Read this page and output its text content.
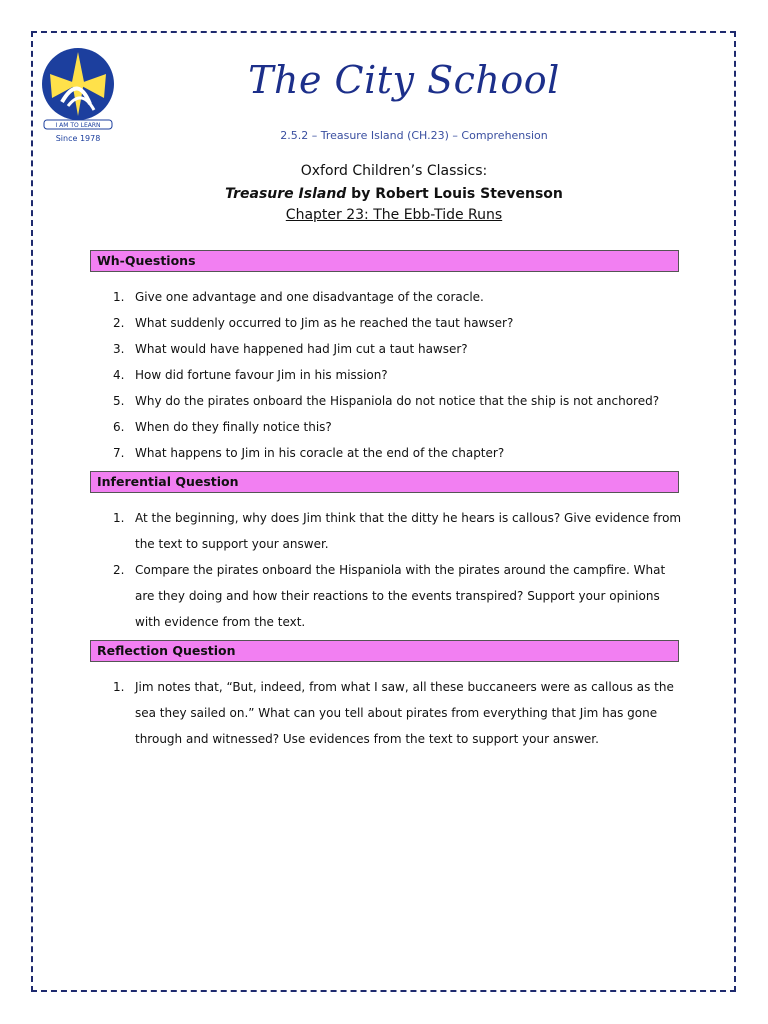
I AM TO LEARN
Since 1978
The City School
2.5.2 – Treasure Island (CH.23) – Comprehension
Oxford Children’s Classics:
Treasure Island by Robert Louis Stevenson
Chapter 23: The Ebb-Tide Runs
Wh-Questions
1. Give one advantage and one disadvantage of the coracle.
2. What suddenly occurred to Jim as he reached the taut hawser?
3. What would have happened had Jim cut a taut hawser?
4. How did fortune favour Jim in his mission?
5. Why do the pirates onboard the Hispaniola do not notice that the ship is not anchored?
6. When do they finally notice this?
7. What happens to Jim in his coracle at the end of the chapter?
Inferential Question
1. At the beginning, why does Jim think that the ditty he hears is callous? Give evidence from the text to support your answer.
2. Compare the pirates onboard the Hispaniola with the pirates around the campfire. What are they doing and how their reactions to the events transpired? Support your opinions with evidence from the text.
Reflection Question
1. Jim notes that, “But, indeed, from what I saw, all these buccaneers were as callous as the sea they sailed on.” What can you tell about pirates from everything that Jim has gone through and witnessed? Use evidences from the text to support your answer.
